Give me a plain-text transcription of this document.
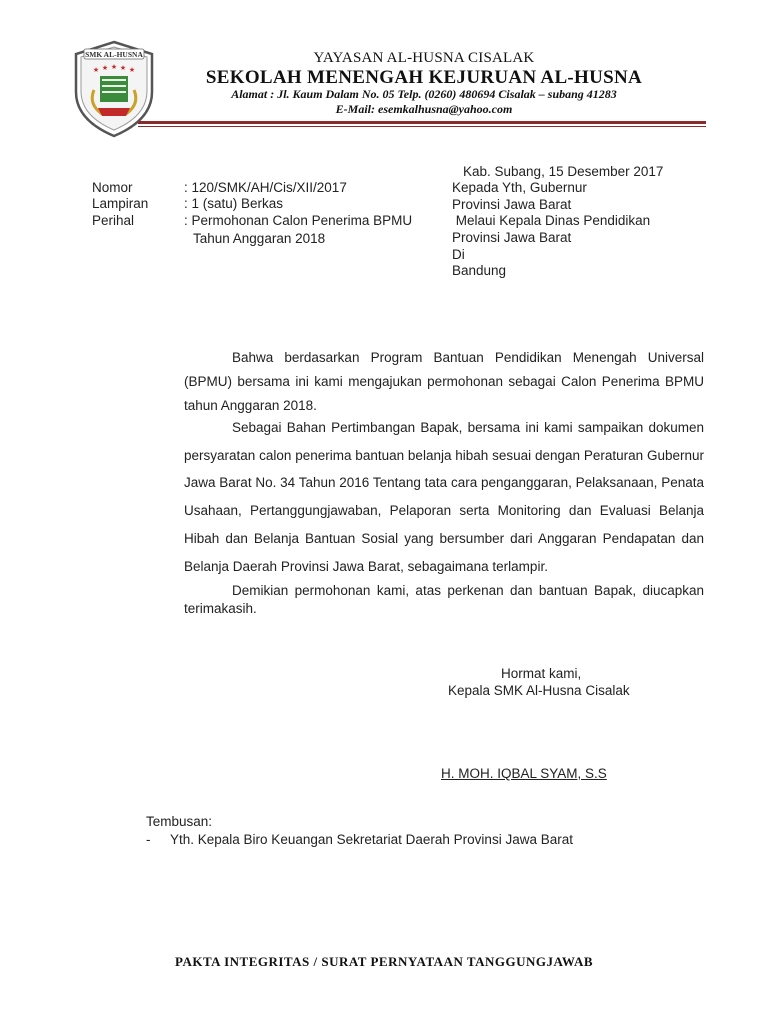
SMK AL-HUSNA
★ ★ ★ ★ ★
YAYASAN AL-HUSNA CISALAK
SEKOLAH MENENGAH KEJURUAN AL-HUSNA
Alamat : Jl. Kaum Dalam No. 05 Telp. (0260) 480694 Cisalak – subang 41283
E-Mail: esemkalhusna@yahoo.com
Kab. Subang, 15 Desember 2017
Nomor	: 120/SMK/AH/Cis/XII/2017
Lampiran	: 1 (satu) Berkas
Perihal	: Permohonan Calon Penerima BPMU
Tahun Anggaran 2018
Kepada Yth, Gubernur
Provinsi Jawa Barat
Melaui Kepala Dinas Pendidikan
Provinsi Jawa Barat
Di
Bandung
Bahwa berdasarkan Program Bantuan Pendidikan Menengah Universal (BPMU) bersama ini kami mengajukan permohonan sebagai Calon Penerima BPMU tahun Anggaran 2018.
Sebagai Bahan Pertimbangan Bapak, bersama ini kami sampaikan dokumen persyaratan calon penerima bantuan belanja hibah sesuai dengan Peraturan Gubernur Jawa Barat No. 34 Tahun 2016 Tentang tata cara penganggaran, Pelaksanaan, Penata Usahaan, Pertanggungjawaban, Pelaporan serta Monitoring dan Evaluasi Belanja Hibah dan Belanja Bantuan Sosial yang bersumber dari Anggaran Pendapatan dan Belanja Daerah Provinsi Jawa Barat, sebagaimana terlampir.
Demikian permohonan kami, atas perkenan dan bantuan Bapak, diucapkan terimakasih.
Hormat kami,
Kepala SMK Al-Husna Cisalak
H. MOH. IQBAL SYAM, S.S
Tembusan:
- Yth. Kepala Biro Keuangan Sekretariat Daerah Provinsi Jawa Barat
PAKTA INTEGRITAS / SURAT PERNYATAAN TANGGUNGJAWAB
